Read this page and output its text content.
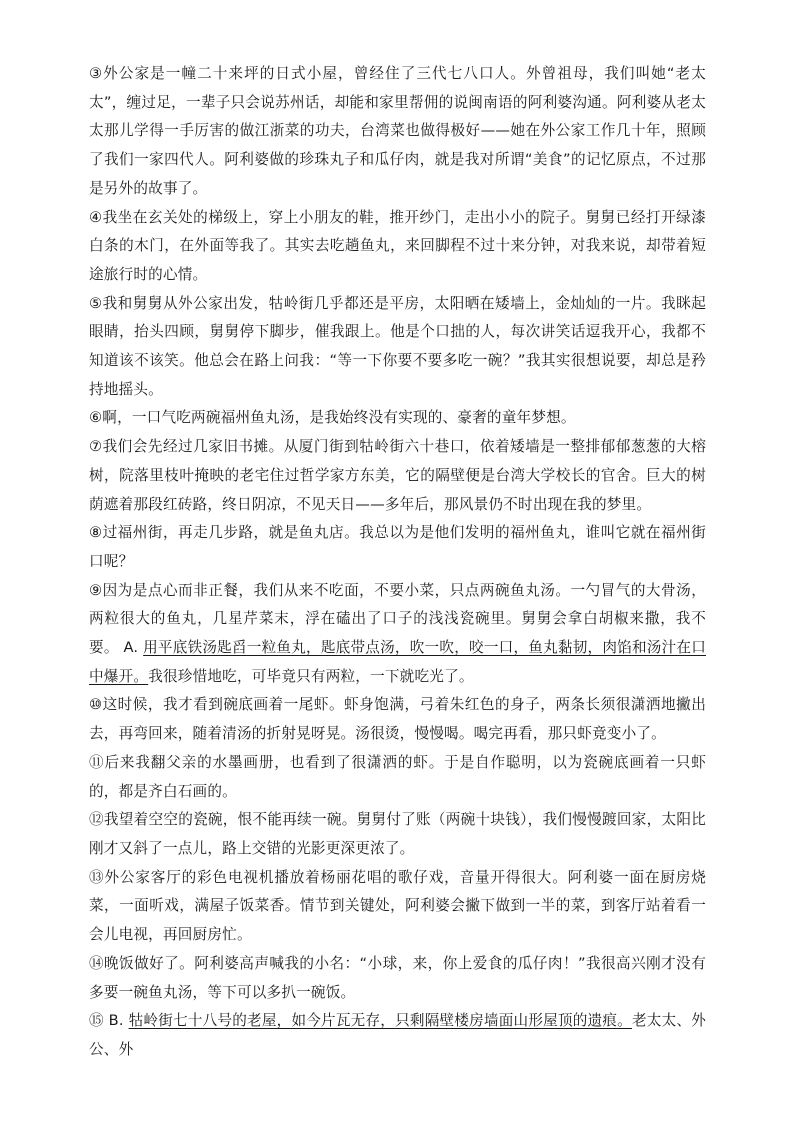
③外公家是一幢二十来坪的日式小屋，曾经住了三代七八口人。外曾祖母，我们叫她“老太太”，缠过足，一辈子只会说苏州话，却能和家里帮佣的说闽南语的阿利婆沟通。阿利婆从老太太那儿学得一手厉害的做江浙菜的功夫，台湾菜也做得极好——她在外公家工作几十年，照顾了我们一家四代人。阿利婆做的珍珠丸子和瓜仔肉，就是我对所谓“美食”的记忆原点，不过那是另外的故事了。

④我坐在玄关处的梯级上，穿上小朋友的鞋，推开纱门，走出小小的院子。舅舅已经打开绿漆白条的木门，在外面等我了。其实去吃趟鱼丸，来回脚程不过十来分钟，对我来说，却带着短途旅行时的心情。

⑤我和舅舅从外公家出发，牯岭街几乎都还是平房，太阳晒在矮墙上，金灿灿的一片。我眯起眼睛，抬头四顾，舅舅停下脚步，催我跟上。他是个口拙的人，每次讲笑话逗我开心，我都不知道该不该笑。他总会在路上问我：“等一下你要不要多吃一碗？”我其实很想说要，却总是矜持地摇头。

⑥啊，一口气吃两碗福州鱼丸汤，是我始终没有实现的、豪奢的童年梦想。

⑦我们会先经过几家旧书摊。从厦门街到牯岭街六十巷口，依着矮墙是一整排郁郁葱葱的大榕树，院落里枝叶掩映的老宅住过哲学家方东美，它的隔壁便是台湾大学校长的官舍。巨大的树荫遮着那段红砖路，终日阴凉，不见天日——多年后，那风景仍不时出现在我的梦里。

⑧过福州街，再走几步路，就是鱼丸店。我总以为是他们发明的福州鱼丸，谁叫它就在福州街口呢？

⑨因为是点心而非正餐，我们从来不吃面，不要小菜，只点两碗鱼丸汤。一勺冒气的大骨汤，两粒很大的鱼丸，几星芹菜末，浮在磕出了口子的浅浅瓷碗里。舅舅会拿白胡椒来撒，我不要。 A. 用平底铁汤匙舀一粒鱼丸，匙底带点汤，吹一吹，咬一口，鱼丸黏韧，肉馅和汤汁在口中爆开。我很珍惜地吃，可毕竟只有两粒，一下就吃光了。

⑩这时候，我才看到碗底画着一尾虾。虾身饱满，弓着朱红色的身子，两条长须很潇洒地撇出去，再弯回来，随着清汤的折射晃呀晃。汤很烫，慢慢喝。喝完再看，那只虾竟变小了。

⑪后来我翻父亲的水墨画册，也看到了很潇洒的虾。于是自作聪明，以为瓷碗底画着一只虾的，都是齐白石画的。

⑫我望着空空的瓷碗，恨不能再续一碗。舅舅付了账（两碗十块钱），我们慢慢踱回家，太阳比刚才又斜了一点儿，路上交错的光影更深更浓了。

⑬外公家客厅的彩色电视机播放着杨丽花唱的歌仔戏，音量开得很大。阿利婆一面在厨房烧菜，一面听戏，满屋子饭菜香。情节到关键处，阿利婆会撇下做到一半的菜，到客厅站着看一会儿电视，再回厨房忙。

⑭晚饭做好了。阿利婆高声喊我的小名：“小球，来，你上爱食的瓜仔肉！”我很高兴刚才没有多要一碗鱼丸汤，等下可以多扒一碗饭。

⑮ B. 牯岭街七十八号的老屋，如今片瓦无存，只剩隔壁楼房墙面山形屋顶的遗痕。老太太、外公、外
